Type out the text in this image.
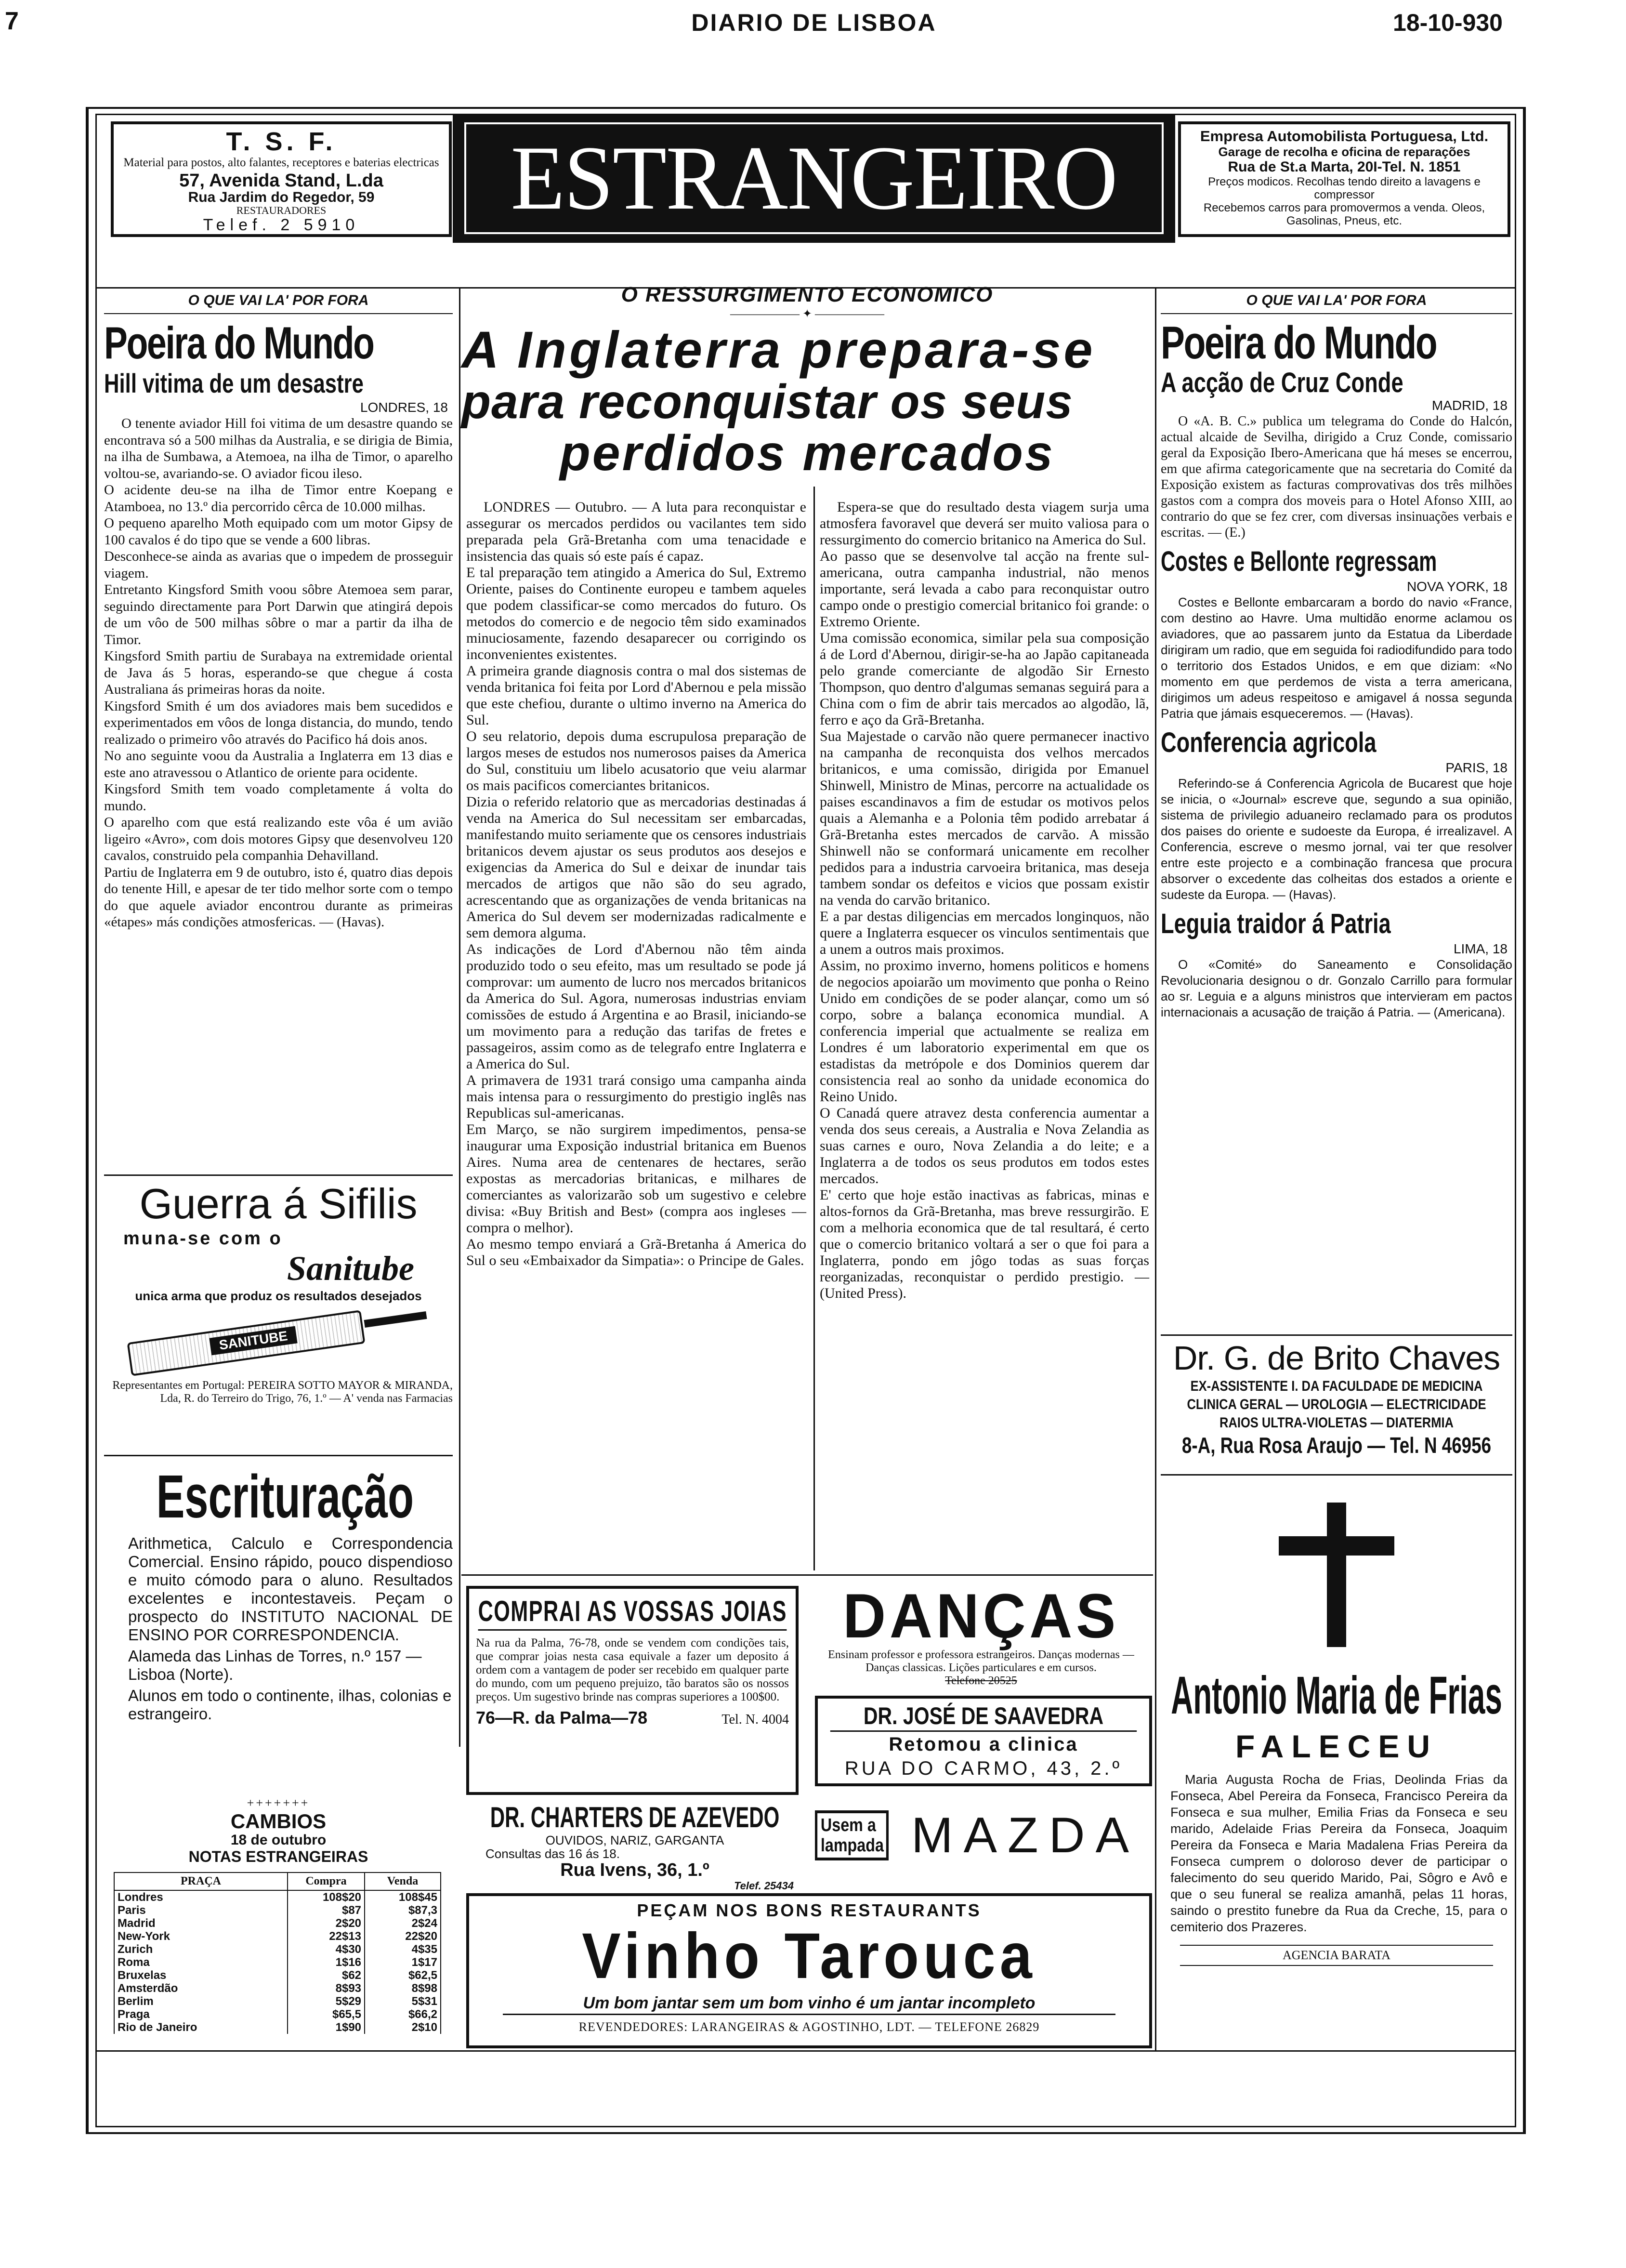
7	DIARIO DE LISBOA	18-10-930
T. S. F.
Material para postos, alto falantes, receptores e baterias electricas
57, Avenida Stand, L.da
Rua Jardim do Regedor, 59
RESTAURADORES
Telef. 2 5910	ESTRANGEIRO	Empresa Automobilista Portuguesa, Ltd.
Garage de recolha e oficina de reparações
Rua de St.a Marta, 20I-Tel. N. 1851
Preços modicos. Recolhas tendo direito a lavagens e compressor
Recebemos carros para promovermos a venda. Oleos, Gasolinas, Pneus, etc.
O QUE VAI LA' POR FORA
Poeira do Mundo
Hill vitima de um desastre
LONDRES, 18

O tenente aviador Hill foi vitima de um desastre quando se encontrava só a 500 milhas da Australia, e se dirigia de Bimia, na ilha de Sumbawa, a Atemoea, na ilha de Timor, o aparelho voltou-se, avariando-se. O aviador ficou ileso.
O acidente deu-se na ilha de Timor entre Koepang e Atamboea, no 13.º dia percorrido cêrca de 10.000 milhas.
O pequeno aparelho Moth equipado com um motor Gipsy de 100 cavalos é do tipo que se vende a 600 libras.
Desconhece-se ainda as avarias que o impedem de prosseguir viagem.
Entretanto Kingsford Smith voou sôbre Atemoea sem parar, seguindo directamente para Port Darwin que atingirá depois de um vôo de 500 milhas sôbre o mar a partir da ilha de Timor.
Kingsford Smith partiu de Surabaya na extremidade oriental de Java ás 5 horas, esperando-se que chegue á costa Australiana ás primeiras horas da noite.
Kingsford Smith é um dos aviadores mais bem sucedidos e experimentados em vôos de longa distancia, do mundo, tendo realizado o primeiro vôo através do Pacifico há dois anos.
No ano seguinte voou da Australia a Inglaterra em 13 dias e este ano atravessou o Atlantico de oriente para ocidente.
Kingsford Smith tem voado completamente á volta do mundo.
O aparelho com que está realizando este vôa é um avião ligeiro «Avro», com dois motores Gipsy que desenvolveu 120 cavalos, construido pela companhia Dehavilland.
Partiu de Inglaterra em 9 de outubro, isto é, quatro dias depois do tenente Hill, e apesar de ter tido melhor sorte com o tempo do que aquele aviador encontrou durante as primeiras «étapes» más condições atmosfericas. — (Havas).

Guerra á Sifilis
muna-se com o
Sanitube
unica arma que produz os resultados desejados
SANITUBE
Representantes em Portugal: PEREIRA SOTTO MAYOR & MIRANDA, Lda, R. do Terreiro do Trigo, 76, 1.º — A' venda nas Farmacias
Escrituração
Arithmetica, Calculo e Correspondencia Comercial. Ensino rápido, pouco dispendioso e muito cómodo para o aluno. Resultados excelentes e incontestaveis. Peçam o prospecto do INSTITUTO NACIONAL DE ENSINO POR CORRESPONDENCIA.
Alameda das Linhas de Torres, n.º 157 — Lisboa (Norte).
Alunos em todo o continente, ilhas, colonias e estrangeiro.
+++++++
CAMBIOS
18 de outubro
NOTAS ESTRANGEIRAS
PRAÇA	Compra	Venda
Londres	108$20	108$45
Paris	$87	$87,3
Madrid	2$20	2$24
New-York	22$13	22$20
Zurich	4$30	4$35
Roma	1$16	1$17
Bruxelas	$62	$62,5
Amsterdão	8$93	8$98
Berlim	5$29	5$31
Praga	$65,5	$66,2
Rio de Janeiro	1$90	2$10
O RESSURGIMENTO ECONOMICO
—————— ✦ ——————
A Inglaterra prepara-se
para reconquistar os seus
perdidos mercados

LONDRES — Outubro. — A luta para reconquistar e assegurar os mercados perdidos ou vacilantes tem sido preparada pela Grã-Bretanha com uma tenacidade e insistencia das quais só este país é capaz.
E tal preparação tem atingido a America do Sul, Extremo Oriente, paises do Continente europeu e tambem aqueles que podem classificar-se como mercados do futuro. Os metodos do comercio e de negocio têm sido examinados minuciosamente, fazendo desaparecer ou corrigindo os inconvenientes existentes.
A primeira grande diagnosis contra o mal dos sistemas de venda britanica foi feita por Lord d'Abernou e pela missão que este chefiou, durante o ultimo inverno na America do Sul.
O seu relatorio, depois duma escrupulosa preparação de largos meses de estudos nos numerosos paises da America do Sul, constituiu um libelo acusatorio que veiu alarmar os mais pacificos comerciantes britanicos.
Dizia o referido relatorio que as mercadorias destinadas á venda na America do Sul necessitam ser embarcadas, manifestando muito seriamente que os censores industriais britanicos devem ajustar os seus produtos aos desejos e exigencias da America do Sul e deixar de inundar tais mercados de artigos que não são do seu agrado, acrescentando que as organizações de venda britanicas na America do Sul devem ser modernizadas radicalmente e sem demora alguma.
As indicações de Lord d'Abernou não têm ainda produzido todo o seu efeito, mas um resultado se pode já comprovar: um aumento de lucro nos mercados britanicos da America do Sul. Agora, numerosas industrias enviam comissões de estudo á Argentina e ao Brasil, iniciando-se um movimento para a redução das tarifas de fretes e passageiros, assim como as de telegrafo entre Inglaterra e a America do Sul.
A primavera de 1931 trará consigo uma campanha ainda mais intensa para o ressurgimento do prestigio inglês nas Republicas sul-americanas.
Em Março, se não surgirem impedimentos, pensa-se inaugurar uma Exposição industrial britanica em Buenos Aires. Numa area de centenares de hectares, serão expostas as mercadorias britanicas, e milhares de comerciantes as valorizarão sob um sugestivo e celebre divisa: «Buy British and Best» (compra aos ingleses — compra o melhor).
Ao mesmo tempo enviará a Grã-Bretanha á America do Sul o seu «Embaixador da Simpatia»: o Principe de Gales.

Espera-se que do resultado desta viagem surja uma atmosfera favoravel que deverá ser muito valiosa para o ressurgimento do comercio britanico na America do Sul.
Ao passo que se desenvolve tal acção na frente sul-americana, outra campanha industrial, não menos importante, será levada a cabo para reconquistar outro campo onde o prestigio comercial britanico foi grande: o Extremo Oriente.
Uma comissão economica, similar pela sua composição á de Lord d'Abernou, dirigir-se-ha ao Japão capitaneada pelo grande comerciante de algodão Sir Ernesto Thompson, quo dentro d'algumas semanas seguirá para a China com o fim de abrir tais mercados ao algodão, lã, ferro e aço da Grã-Bretanha.
Sua Majestade o carvão não quere permanecer inactivo na campanha de reconquista dos velhos mercados britanicos, e uma comissão, dirigida por Emanuel Shinwell, Ministro de Minas, percorre na actualidade os paises escandinavos a fim de estudar os motivos pelos quais a Alemanha e a Polonia têm podido arrebatar á Grã-Bretanha estes mercados de carvão. A missão Shinwell não se conformará unicamente em recolher pedidos para a industria carvoeira britanica, mas deseja tambem sondar os defeitos e vicios que possam existir na venda do carvão britanico.
E a par destas diligencias em mercados longinquos, não quere a Inglaterra esquecer os vinculos sentimentais que a unem a outros mais proximos.
Assim, no proximo inverno, homens politicos e homens de negocios apoiarão um movimento que ponha o Reino Unido em condições de se poder alançar, como um só corpo, sobre a balança economica mundial. A conferencia imperial que actualmente se realiza em Londres é um laboratorio experimental em que os estadistas da metrópole e dos Dominios querem dar consistencia real ao sonho da unidade economica do Reino Unido.
O Canadá quere atravez desta conferencia aumentar a venda dos seus cereais, a Australia e Nova Zelandia as suas carnes e ouro, Nova Zelandia a do leite; e a Inglaterra a de todos os seus produtos em todos estes mercados.
E' certo que hoje estão inactivas as fabricas, minas e altos-fornos da Grã-Bretanha, mas breve ressurgirão. E com a melhoria economica que de tal resultará, é certo que o comercio britanico voltará a ser o que foi para a Inglaterra, pondo em jôgo todas as suas forças reorganizadas, reconquistar o perdido prestigio. — (United Press).

COMPRAI AS VOSSAS JOIAS
Na rua da Palma, 76-78, onde se vendem com condições tais, que comprar joias nesta casa equivale a fazer um deposito á ordem com a vantagem de poder ser recebido em qualquer parte do mundo, com um pequeno prejuizo, tão baratos são os nossos preços. Um sugestivo brinde nas compras superiores a 100$00.
76—R. da Palma—78	Tel. N. 4004
DANÇAS
Ensinam professor e professora estrangeiros. Danças modernas — Danças classicas. Lições particulares e em cursos.
Telefone 20525
DR. JOSÉ DE SAAVEDRA
Retomou a clinica
RUA DO CARMO, 43, 2.º
DR. CHARTERS DE AZEVEDO
OUVIDOS, NARIZ, GARGANTA
Consultas das 16 ás 18.
Rua Ivens, 36, 1.º
Telef. 25434
Usem a lampada MAZDA
PEÇAM NOS BONS RESTAURANTS
Vinho Tarouca
Um bom jantar sem um bom vinho é um jantar incompleto
REVENDEDORES: LARANGEIRAS & AGOSTINHO, LDT. — TELEFONE 26829
O QUE VAI LA' POR FORA
Poeira do Mundo
A acção de Cruz Conde
MADRID, 18

O «A. B. C.» publica um telegrama do Conde do Halcón, actual alcaide de Sevilha, dirigido a Cruz Conde, comissario geral da Exposição Ibero-Americana que há meses se encerrou, em que afirma categoricamente que na secretaria do Comité da Exposição existem as facturas comprovativas dos três milhões gastos com a compra dos moveis para o Hotel Afonso XIII, ao contrario do que se fez crer, com diversas insinuações verbais e escritas. — (E.)

Costes e Bellonte regressam
NOVA YORK, 18

Costes e Bellonte embarcaram a bordo do navio «France, com destino ao Havre. Uma multidão enorme aclamou os aviadores, que ao passarem junto da Estatua da Liberdade dirigiram um radio, que em seguida foi radiodifundido para todo o territorio dos Estados Unidos, e em que diziam: «No momento em que perdemos de vista a terra americana, dirigimos um adeus respeitoso e amigavel á nossa segunda Patria que jámais esqueceremos. — (Havas).

Conferencia agricola
PARIS, 18

Referindo-se á Conferencia Agricola de Bucarest que hoje se inicia, o «Journal» escreve que, segundo a sua opinião, sistema de privilegio aduaneiro reclamado para os produtos dos paises do oriente e sudoeste da Europa, é irrealizavel. A Conferencia, escreve o mesmo jornal, vai ter que resolver entre este projecto e a combinação francesa que procura absorver o excedente das colheitas dos estados a oriente e sudeste da Europa. — (Havas).

Leguia traidor á Patria
LIMA, 18

O «Comité» do Saneamento e Consolidação Revolucionaria designou o dr. Gonzalo Carrillo para formular ao sr. Leguia e a alguns ministros que intervieram em pactos internacionais a acusação de traição á Patria. — (Americana).

Dr. G. de Brito Chaves
EX-ASSISTENTE I. DA FACULDADE DE MEDICINA
CLINICA GERAL — UROLOGIA — ELECTRICIDADE
RAIOS ULTRA-VIOLETAS — DIATERMIA
8-A, Rua Rosa Araujo — Tel. N 46956
Antonio Maria de Frias
FALECEU
Maria Augusta Rocha de Frias, Deolinda Frias da Fonseca, Abel Pereira da Fonseca, Francisco Pereira da Fonseca e sua mulher, Emilia Frias da Fonseca e seu marido, Adelaide Frias Pereira da Fonseca, Joaquim Pereira da Fonseca e Maria Madalena Frias Pereira da Fonseca cumprem o doloroso dever de participar o falecimento do seu querido Marido, Pai, Sôgro e Avô e que o seu funeral se realiza amanhã, pelas 11 horas, saindo o prestito funebre da Rua da Creche, 15, para o cemiterio dos Prazeres.
AGENCIA BARATA
